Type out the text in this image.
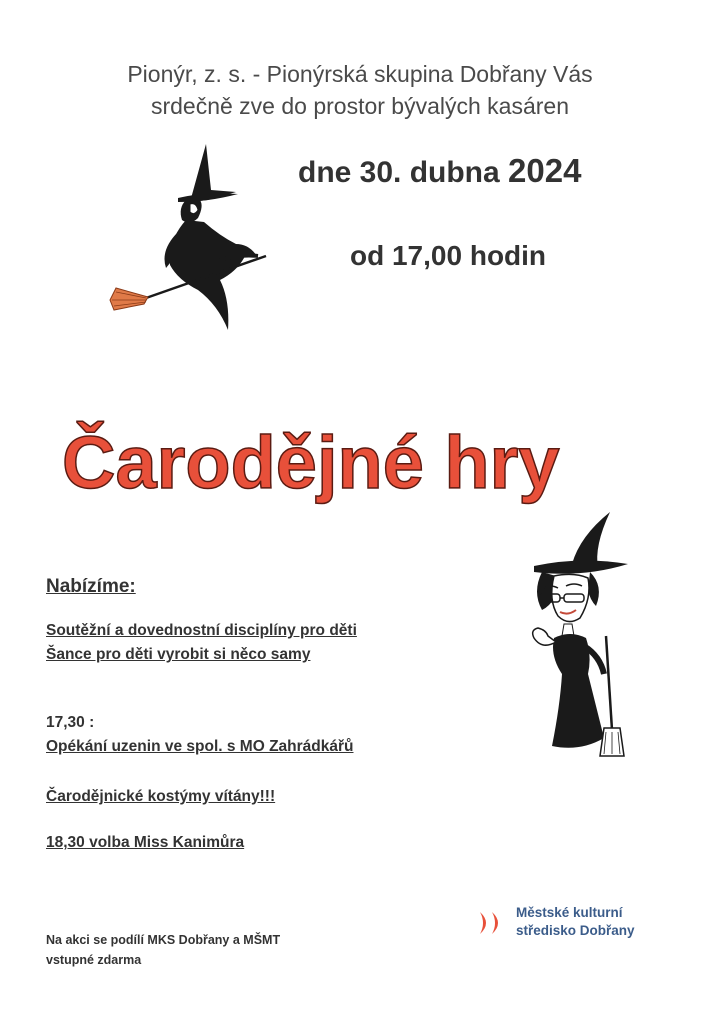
Pionýr, z. s. - Pionýrská skupina Dobřany Vás
srdečně zve do prostor bývalých kasáren
dne 30. dubna 2024
od 17,00 hodin
Čarodějné hry
Nabízíme:
Soutěžní a dovednostní disciplíny pro děti
Šance pro děti vyrobit si něco samy
17,30 :
Opékání uzenin ve spol. s MO Zahrádkářů
Čarodějnické kostýmy vítány!!!
18,30 volba Miss Kanimůra
Na akci se podílí MKS Dobřany a MŠMT
vstupné zdarma
Městské kulturní
středisko Dobřany
